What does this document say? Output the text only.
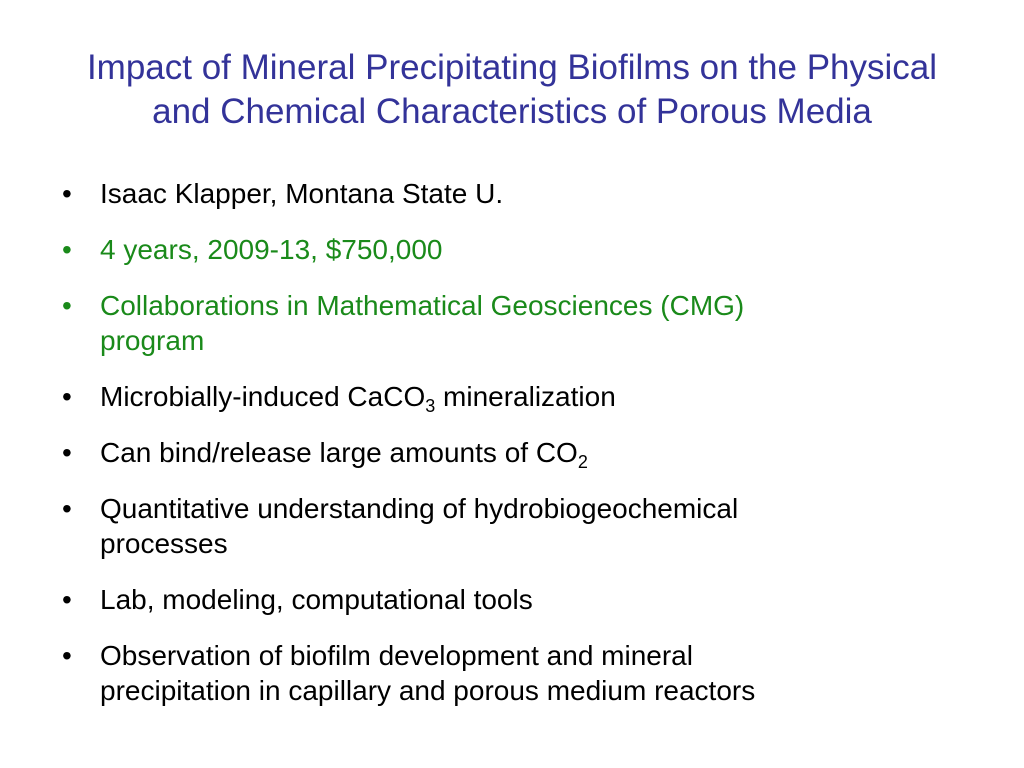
Impact of Mineral Precipitating Biofilms on the Physical
and Chemical Characteristics of Porous Media
• Isaac Klapper, Montana State U.
• 4 years, 2009-13, $750,000
• Collaborations in Mathematical Geosciences (CMG)
program
• Microbially-induced CaCO$_3$ mineralization
• Can bind/release large amounts of $CO_2$
• Quantitative understanding of hydrobiogeochemical
processes
• Lab, modeling, computational tools
• Observation of biofilm development and mineral
precipitation in capillary and porous medium reactors
